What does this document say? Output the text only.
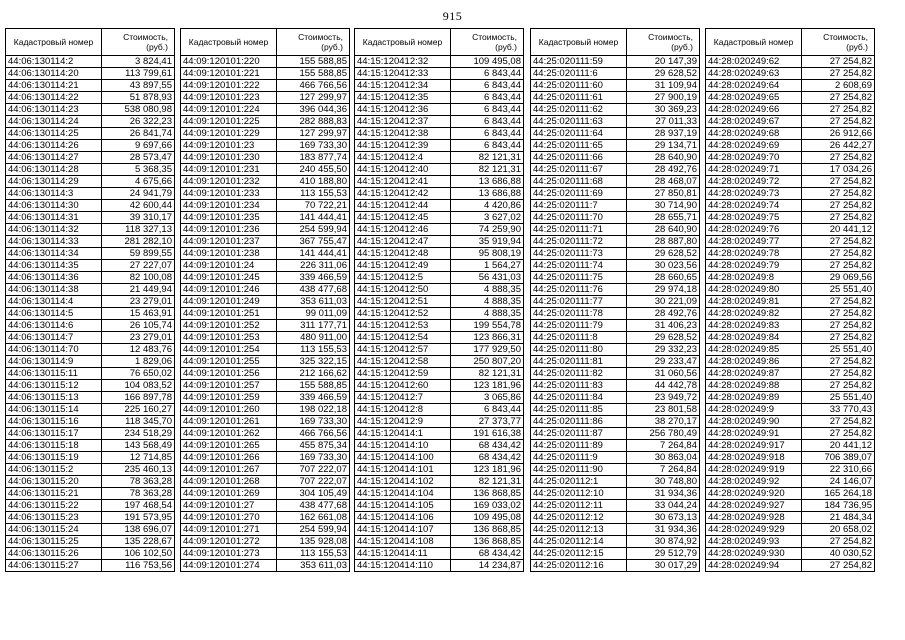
915
Кадастровый номер	Стоимость, (руб.)
44:06:130114:2	3 824,41
44:06:130114:20	113 799,61
44:06:130114:21	43 897,55
44:06:130114:22	51 878,93
44:06:130114:23	538 080,98
44:06:130114:24	26 322,23
44:06:130114:25	26 841,74
44:06:130114:26	9 697,66
44:06:130114:27	28 573,47
44:06:130114:28	5 368,35
44:06:130114:29	4 675,66
44:06:130114:3	24 941,79
44:06:130114:30	42 600,44
44:06:130114:31	39 310,17
44:06:130114:32	118 327,13
44:06:130114:33	281 282,10
44:06:130114:34	59 899,55
44:06:130114:35	27 227,07
44:06:130114:36	82 100,08
44:06:130114:38	21 449,94
44:06:130114:4	23 279,01
44:06:130114:5	15 463,91
44:06:130114:6	26 105,74
44:06:130114:7	23 279,01
44:06:130114:70	12 483,76
44:06:130114:9	1 829,06
44:06:130115:11	76 650,02
44:06:130115:12	104 083,52
44:06:130115:13	166 897,78
44:06:130115:14	225 160,27
44:06:130115:16	118 345,70
44:06:130115:17	234 518,29
44:06:130115:18	143 568,49
44:06:130115:19	12 714,85
44:06:130115:2	235 460,13
44:06:130115:20	78 363,28
44:06:130115:21	78 363,28
44:06:130115:22	197 468,54
44:06:130115:23	191 573,95
44:06:130115:24	138 696,07
44:06:130115:25	135 228,67
44:06:130115:26	106 102,50
44:06:130115:27	116 753,56
Кадастровый номер	Стоимость, (руб.)
44:09:120101:220	155 588,85
44:09:120101:221	155 588,85
44:09:120101:222	466 766,56
44:09:120101:223	127 299,97
44:09:120101:224	396 044,36
44:09:120101:225	282 888,83
44:09:120101:229	127 299,97
44:09:120101:23	169 733,30
44:09:120101:230	183 877,74
44:09:120101:231	240 455,50
44:09:120101:232	410 188,80
44:09:120101:233	113 155,53
44:09:120101:234	70 722,21
44:09:120101:235	141 444,41
44:09:120101:236	254 599,94
44:09:120101:237	367 755,47
44:09:120101:238	141 444,41
44:09:120101:24	226 311,06
44:09:120101:245	339 466,59
44:09:120101:246	438 477,68
44:09:120101:249	353 611,03
44:09:120101:251	99 011,09
44:09:120101:252	311 177,71
44:09:120101:253	480 911,00
44:09:120101:254	113 155,53
44:09:120101:255	325 322,15
44:09:120101:256	212 166,62
44:09:120101:257	155 588,85
44:09:120101:259	339 466,59
44:09:120101:260	198 022,18
44:09:120101:261	169 733,30
44:09:120101:262	466 766,56
44:09:120101:265	455 875,34
44:09:120101:266	169 733,30
44:09:120101:267	707 222,07
44:09:120101:268	707 222,07
44:09:120101:269	304 105,49
44:09:120101:27	438 477,68
44:09:120101:270	162 661,08
44:09:120101:271	254 599,94
44:09:120101:272	135 928,08
44:09:120101:273	113 155,53
44:09:120101:274	353 611,03
Кадастровый номер	Стоимость, (руб.)
44:15:120412:32	109 495,08
44:15:120412:33	6 843,44
44:15:120412:34	6 843,44
44:15:120412:35	6 843,44
44:15:120412:36	6 843,44
44:15:120412:37	6 843,44
44:15:120412:38	6 843,44
44:15:120412:39	6 843,44
44:15:120412:4	82 121,31
44:15:120412:40	82 121,31
44:15:120412:41	13 686,88
44:15:120412:42	13 686,88
44:15:120412:44	4 420,86
44:15:120412:45	3 627,02
44:15:120412:46	74 259,90
44:15:120412:47	35 919,94
44:15:120412:48	95 808,19
44:15:120412:49	1 564,27
44:15:120412:5	56 431,03
44:15:120412:50	4 888,35
44:15:120412:51	4 888,35
44:15:120412:52	4 888,35
44:15:120412:53	199 554,78
44:15:120412:54	123 866,31
44:15:120412:57	177 929,50
44:15:120412:58	250 807,20
44:15:120412:59	82 121,31
44:15:120412:60	123 181,96
44:15:120412:7	3 065,86
44:15:120412:8	6 843,44
44:15:120412:9	27 373,77
44:15:120414:1	191 616,38
44:15:120414:10	68 434,42
44:15:120414:100	68 434,42
44:15:120414:101	123 181,96
44:15:120414:102	82 121,31
44:15:120414:104	136 868,85
44:15:120414:105	169 033,02
44:15:120414:106	109 495,08
44:15:120414:107	136 868,85
44:15:120414:108	136 868,85
44:15:120414:11	68 434,42
44:15:120414:110	14 234,87
Кадастровый номер	Стоимость, (руб.)
44:25:020111:59	20 147,39
44:25:020111:6	29 628,52
44:25:020111:60	31 109,94
44:25:020111:61	27 900,19
44:25:020111:62	30 369,23
44:25:020111:63	27 011,33
44:25:020111:64	28 937,19
44:25:020111:65	29 134,71
44:25:020111:66	28 640,90
44:25:020111:67	28 492,76
44:25:020111:68	28 468,07
44:25:020111:69	27 850,81
44:25:020111:7	30 714,90
44:25:020111:70	28 655,71
44:25:020111:71	28 640,90
44:25:020111:72	28 887,80
44:25:020111:73	29 628,52
44:25:020111:74	30 023,56
44:25:020111:75	28 660,65
44:25:020111:76	29 974,18
44:25:020111:77	30 221,09
44:25:020111:78	28 492,76
44:25:020111:79	31 406,23
44:25:020111:8	29 628,52
44:25:020111:80	29 332,23
44:25:020111:81	29 233,47
44:25:020111:82	31 060,56
44:25:020111:83	44 442,78
44:25:020111:84	23 949,72
44:25:020111:85	23 801,58
44:25:020111:86	38 270,17
44:25:020111:87	256 780,49
44:25:020111:89	7 264,84
44:25:020111:9	30 863,04
44:25:020111:90	7 264,84
44:25:020112:1	30 748,80
44:25:020112:10	31 934,36
44:25:020112:11	33 044,24
44:25:020112:12	30 673,13
44:25:020112:13	31 934,36
44:25:020112:14	30 874,92
44:25:020112:15	29 512,79
44:25:020112:16	30 017,29
Кадастровый номер	Стоимость, (руб.)
44:28:020249:62	27 254,82
44:28:020249:63	27 254,82
44:28:020249:64	2 608,69
44:28:020249:65	27 254,82
44:28:020249:66	27 254,82
44:28:020249:67	27 254,82
44:28:020249:68	26 912,66
44:28:020249:69	26 442,27
44:28:020249:70	27 254,82
44:28:020249:71	17 034,26
44:28:020249:72	27 254,82
44:28:020249:73	27 254,82
44:28:020249:74	27 254,82
44:28:020249:75	27 254,82
44:28:020249:76	20 441,12
44:28:020249:77	27 254,82
44:28:020249:78	27 254,82
44:28:020249:79	27 254,82
44:28:020249:8	29 069,56
44:28:020249:80	25 551,40
44:28:020249:81	27 254,82
44:28:020249:82	27 254,82
44:28:020249:83	27 254,82
44:28:020249:84	27 254,82
44:28:020249:85	25 551,40
44:28:020249:86	27 254,82
44:28:020249:87	27 254,82
44:28:020249:88	27 254,82
44:28:020249:89	25 551,40
44:28:020249:9	33 770,43
44:28:020249:90	27 254,82
44:28:020249:91	27 254,82
44:28:020249:917	20 441,12
44:28:020249:918	706 389,07
44:28:020249:919	22 310,66
44:28:020249:92	24 146,07
44:28:020249:920	165 264,18
44:28:020249:927	184 736,95
44:28:020249:928	21 484,34
44:28:020249:929	20 658,02
44:28:020249:93	27 254,82
44:28:020249:930	40 030,52
44:28:020249:94	27 254,82
